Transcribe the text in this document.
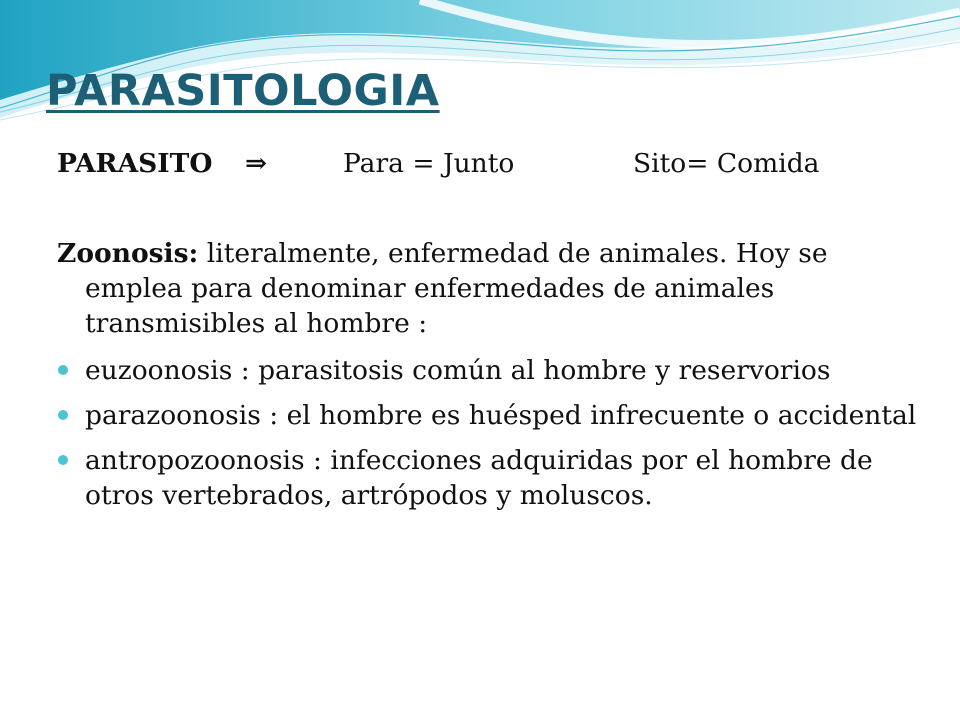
PARASITOLOGIA
PARASITO ⇒	Para = Junto	Sito= Comida
Zoonosis: literalmente, enfermedad de animales. Hoy se emplea para denominar enfermedades de animales transmisibles al hombre :
euzoonosis : parasitosis común al hombre y reservorios
parazoonosis : el hombre es huésped infrecuente o accidental
antropozoonosis : infecciones adquiridas por el hombre de otros vertebrados, artrópodos y moluscos.
